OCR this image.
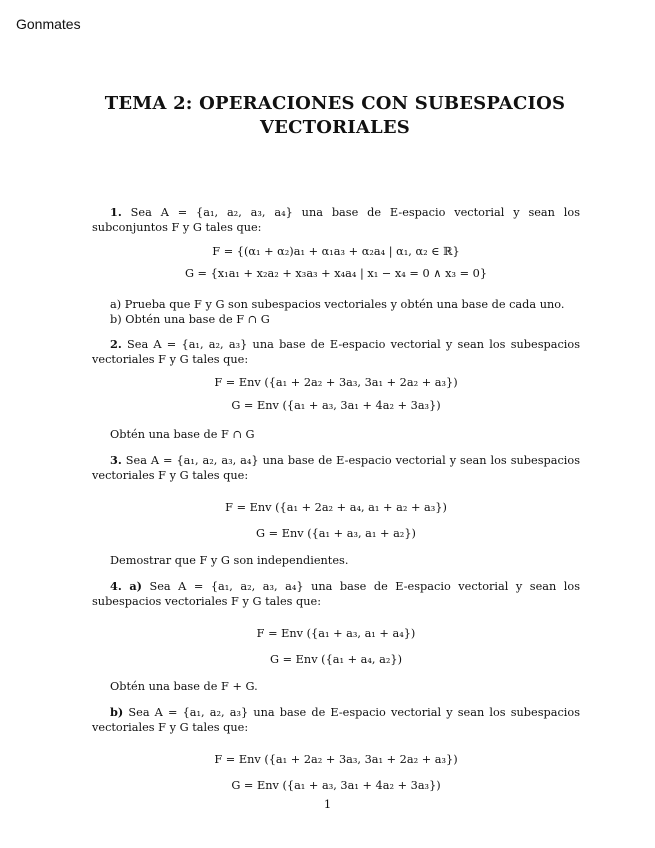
Gonmates
TEMA 2: OPERACIONES CON SUBESPACIOS
VECTORIALES

1. Sea A = {a₁, a₂, a₃, a₄} una base de E-espacio vectorial y sean los subconjuntos F y G tales que:

F = {(α₁ + α₂)a₁ + α₁a₃ + α₂a₄ | α₁, α₂ ∈ ℝ}

G = {x₁a₁ + x₂a₂ + x₃a₃ + x₄a₄ | x₁ − x₄ = 0 ∧ x₃ = 0}

a) Prueba que F y G son subespacios vectoriales y obtén una base de cada uno.

b) Obtén una base de F ∩ G

2. Sea A = {a₁, a₂, a₃} una base de E-espacio vectorial y sean los subespacios vectoriales F y G tales que:

F = Env ({a₁ + 2a₂ + 3a₃, 3a₁ + 2a₂ + a₃})

G = Env ({a₁ + a₃, 3a₁ + 4a₂ + 3a₃})

Obtén una base de F ∩ G

3. Sea A = {a₁, a₂, a₃, a₄} una base de E-espacio vectorial y sean los subespacios vectoriales F y G tales que:

F = Env ({a₁ + 2a₂ + a₄, a₁ + a₂ + a₃})

G = Env ({a₁ + a₃, a₁ + a₂})

Demostrar que F y G son independientes.

4. a) Sea A = {a₁, a₂, a₃, a₄} una base de E-espacio vectorial y sean los subespacios vectoriales F y G tales que:

F = Env ({a₁ + a₃, a₁ + a₄})

G = Env ({a₁ + a₄, a₂})

Obtén una base de F + G.

b) Sea A = {a₁, a₂, a₃} una base de E-espacio vectorial y sean los subespacios vectoriales F y G tales que:

F = Env ({a₁ + 2a₂ + 3a₃, 3a₁ + 2a₂ + a₃})

G = Env ({a₁ + a₃, 3a₁ + 4a₂ + 3a₃})

1
